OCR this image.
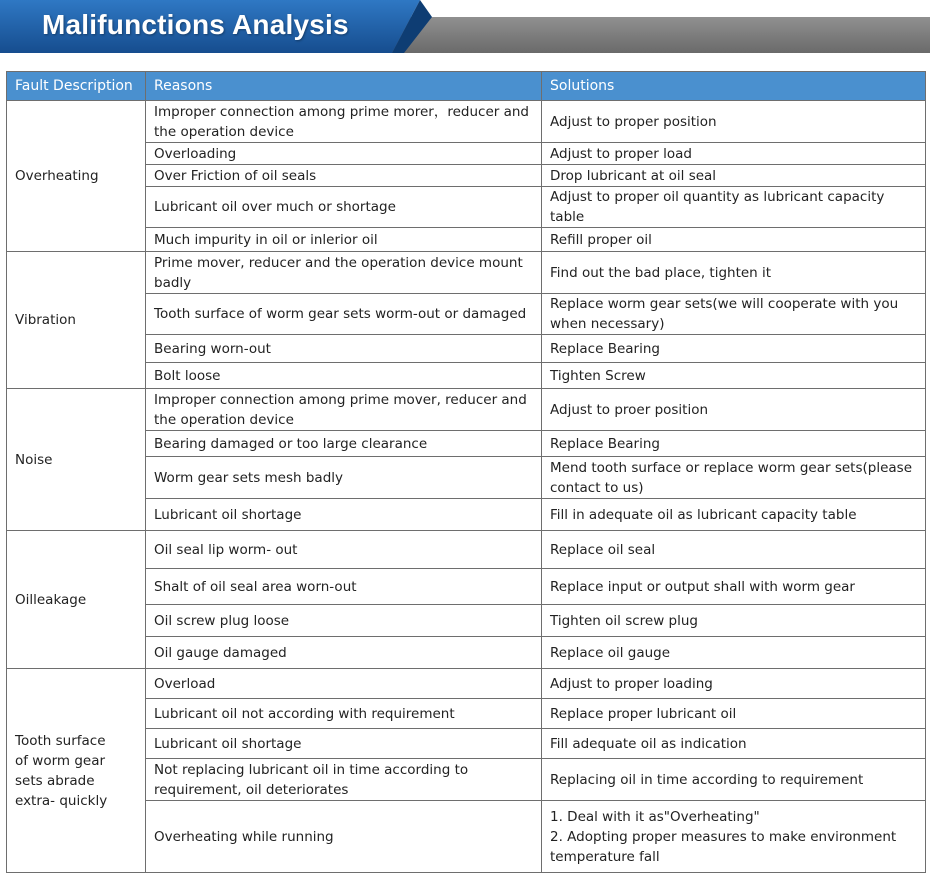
Malifunctions Analysis
Fault Description	Reasons	Solutions
Overheating	Improper connection among prime morer，reducer and the operation device	Adjust to proper position
	Overloading	Adjust to proper load
	Over Friction of oil seals	Drop lubricant at oil seal
	Lubricant oil over much or shortage	Adjust to proper oil quantity as lubricant capacity table
	Much impurity in oil or inlerior oil	Refill proper oil
Vibration	Prime mover, reducer and the operation device mount badly	Find out the bad place, tighten it
	Tooth surface of worm gear sets worm-out or damaged	Replace worm gear sets(we will cooperate with you when necessary)
	Bearing worn-out	Replace Bearing
	Bolt loose	Tighten Screw
Noise	Improper connection among prime mover, reducer and the operation device	Adjust to proer position
	Bearing damaged or too large clearance	Replace Bearing
	Worm gear sets mesh badly	Mend tooth surface or replace worm gear sets(please contact to us)
	Lubricant oil shortage	Fill in adequate oil as lubricant capacity table
Oilleakage	Oil seal lip worm- out	Replace oil seal
	Shalt of oil seal area worn-out	Replace input or output shall with worm gear
	Oil screw plug loose	Tighten oil screw plug
	Oil gauge damaged	Replace oil gauge
Tooth surface of worm gear sets abrade extra- quickly	Overload	Adjust to proper loading
	Lubricant oil not according with requirement	Replace proper lubricant oil
	Lubricant oil shortage	Fill adequate oil as indication
	Not replacing lubricant oil in time according to requirement, oil deteriorates	Replacing oil in time according to requirement
	Overheating while running	1. Deal with it as"Overheating"
2. Adopting proper measures to make environment temperature fall
